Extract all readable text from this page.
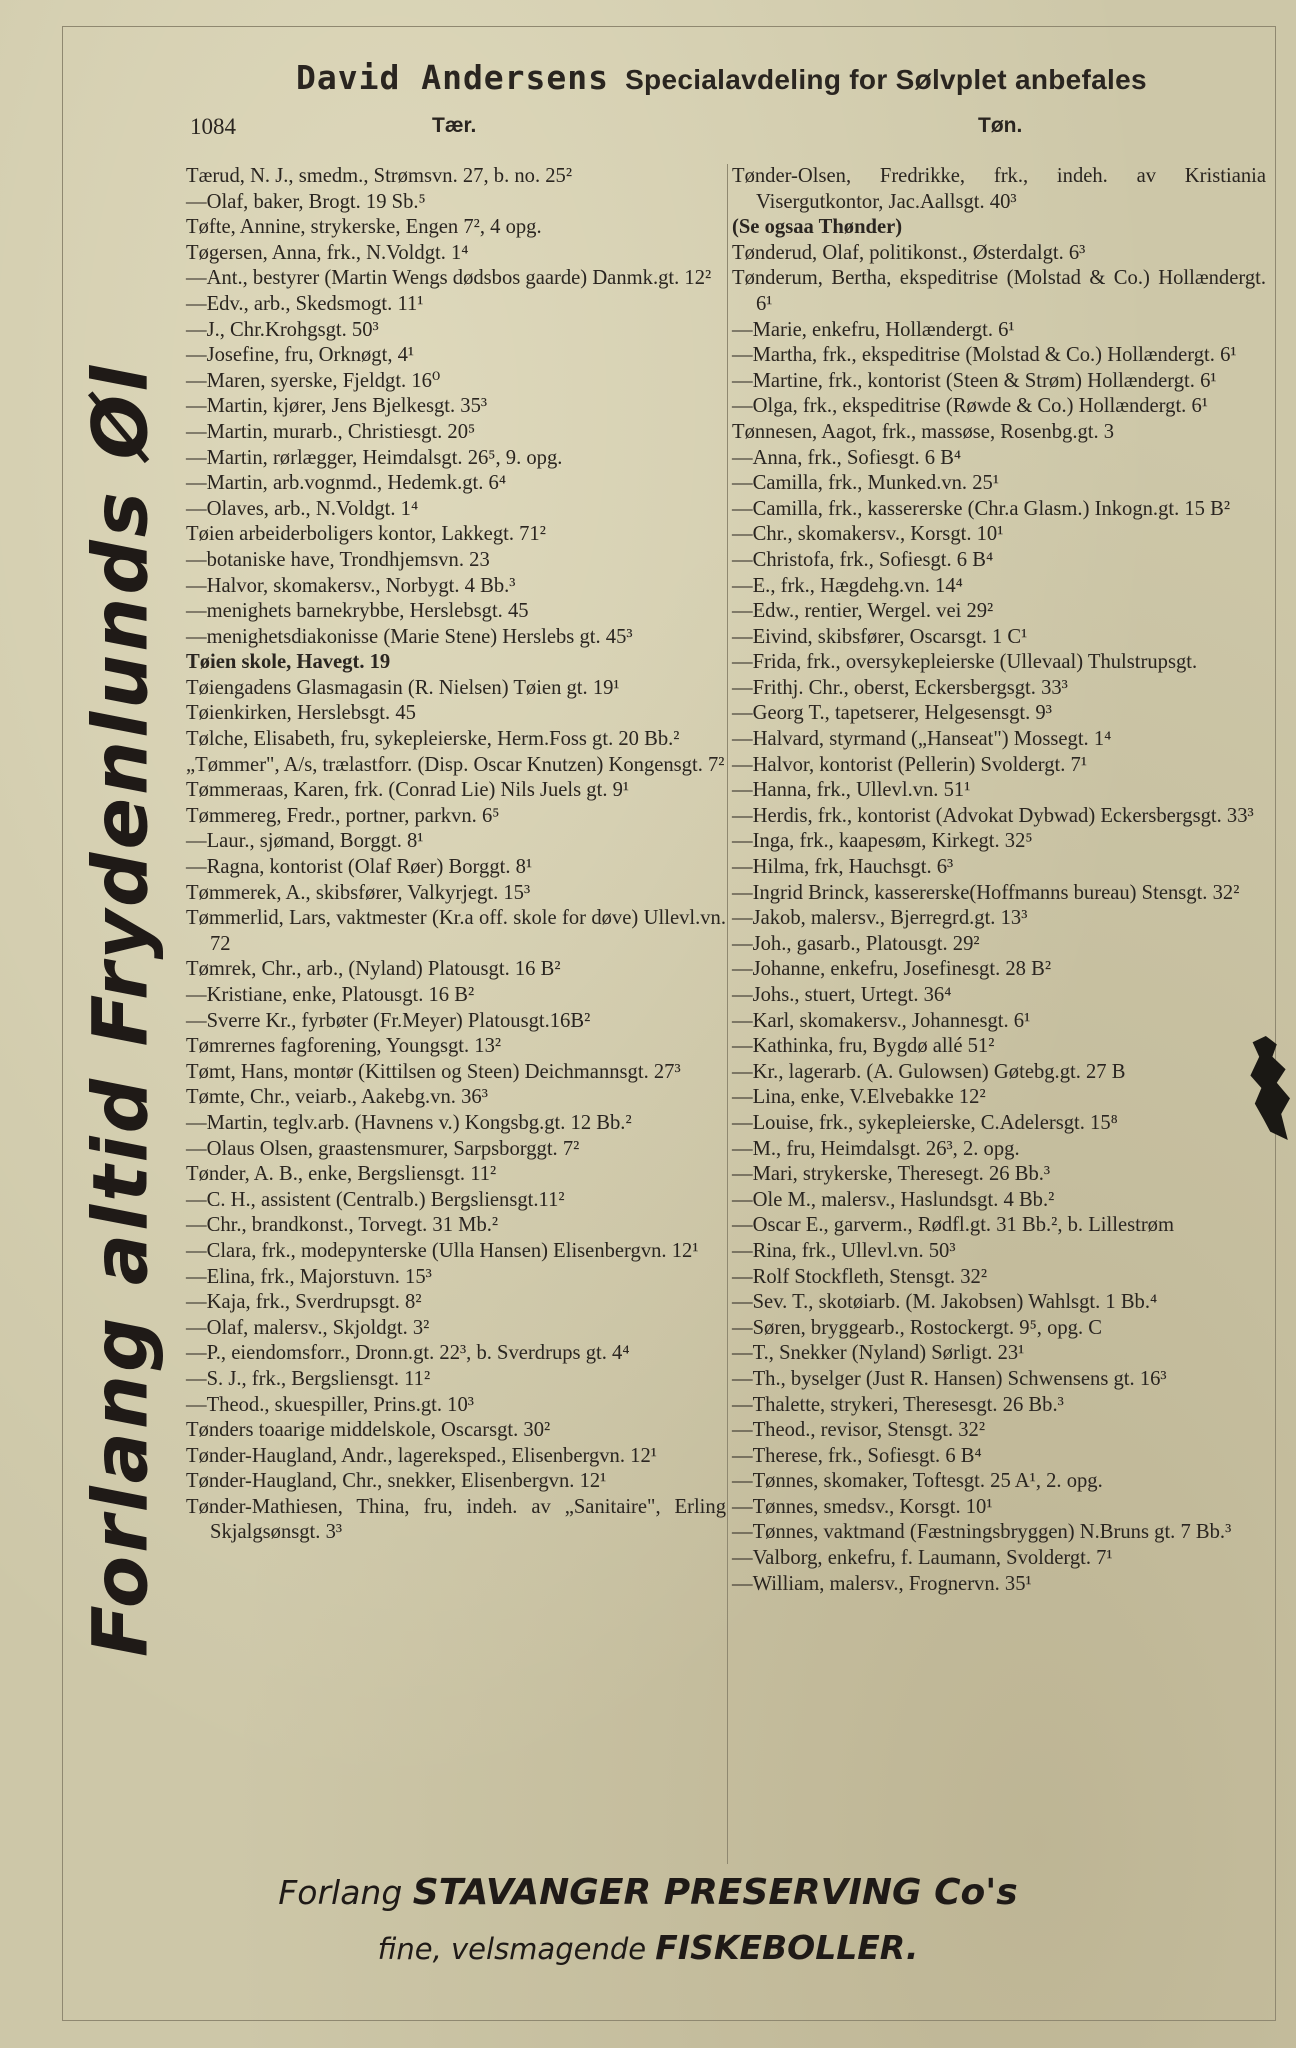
David Andersens Specialavdeling for Sølvplet anbefales
1084	Tær.	Tøn.
Forlang altid Frydenlunds Øl
Tærud, N. J., smedm., Strømsvn. 27, b. no. 25²
—Olaf, baker, Brogt. 19 Sb.⁵
Tøfte, Annine, strykerske, Engen 7², 4 opg.
Tøgersen, Anna, frk., N.Voldgt. 1⁴
—Ant., bestyrer (Martin Wengs dødsbos gaarde) Danmk.gt. 12²
—Edv., arb., Skedsmogt. 11¹
—J., Chr.Krohgsgt. 50³
—Josefine, fru, Orknøgt, 4¹
—Maren, syerske, Fjeldgt. 16⁰
—Martin, kjører, Jens Bjelkesgt. 35³
—Martin, murarb., Christiesgt. 20⁵
—Martin, rørlægger, Heimdalsgt. 26⁵, 9. opg.
—Martin, arb.vognmd., Hedemk.gt. 6⁴
—Olaves, arb., N.Voldgt. 1⁴
Tøien arbeiderboligers kontor, Lakkegt. 71²
—botaniske have, Trondhjemsvn. 23
—Halvor, skomakersv., Norbygt. 4 Bb.³
—menighets barnekrybbe, Herslebsgt. 45
—menighetsdiakonisse (Marie Stene) Herslebs gt. 45³
Tøien skole, Havegt. 19
Tøiengadens Glasmagasin (R. Nielsen) Tøien gt. 19¹
Tøienkirken, Herslebsgt. 45
Tølche, Elisabeth, fru, sykepleierske, Herm.Foss gt. 20 Bb.²
„Tømmer", A/s, trælastforr. (Disp. Oscar Knutzen) Kongensgt. 7²
Tømmeraas, Karen, frk. (Conrad Lie) Nils Juels gt. 9¹
Tømmereg, Fredr., portner, parkvn. 6⁵
—Laur., sjømand, Borggt. 8¹
—Ragna, kontorist (Olaf Røer) Borggt. 8¹
Tømmerek, A., skibsfører, Valkyrjegt. 15³
Tømmerlid, Lars, vaktmester (Kr.a off. skole for døve) Ullevl.vn. 72
Tømrek, Chr., arb., (Nyland) Platousgt. 16 B²
—Kristiane, enke, Platousgt. 16 B²
—Sverre Kr., fyrbøter (Fr.Meyer) Platousgt.16B²
Tømrernes fagforening, Youngsgt. 13²
Tømt, Hans, montør (Kittilsen og Steen) Deichmannsgt. 27³
Tømte, Chr., veiarb., Aakebg.vn. 36³
—Martin, teglv.arb. (Havnens v.) Kongsbg.gt. 12 Bb.²
—Olaus Olsen, graastensmurer, Sarpsborggt. 7²
Tønder, A. B., enke, Bergsliensgt. 11²
—C. H., assistent (Centralb.) Bergsliensgt.11²
—Chr., brandkonst., Torvegt. 31 Mb.²
—Clara, frk., modepynterske (Ulla Hansen) Elisenbergvn. 12¹
—Elina, frk., Majorstuvn. 15³
—Kaja, frk., Sverdrupsgt. 8²
—Olaf, malersv., Skjoldgt. 3²
—P., eiendomsforr., Dronn.gt. 22³, b. Sverdrups gt. 4⁴
—S. J., frk., Bergsliensgt. 11²
—Theod., skuespiller, Prins.gt. 10³
Tønders toaarige middelskole, Oscarsgt. 30²
Tønder-Haugland, Andr., lagereksped., Elisenbergvn. 12¹
Tønder-Haugland, Chr., snekker, Elisenbergvn. 12¹
Tønder-Mathiesen, Thina, fru, indeh. av „Sanitaire", Erling Skjalgsønsgt. 3³
Tønder-Olsen, Fredrikke, frk., indeh. av Kristiania Visergutkontor, Jac.Aallsgt. 40³
(Se ogsaa Thønder)
Tønderud, Olaf, politikonst., Østerdalgt. 6³
Tønderum, Bertha, ekspeditrise (Molstad & Co.) Hollændergt. 6¹
—Marie, enkefru, Hollændergt. 6¹
—Martha, frk., ekspeditrise (Molstad & Co.) Hollændergt. 6¹
—Martine, frk., kontorist (Steen & Strøm) Hollændergt. 6¹
—Olga, frk., ekspeditrise (Røwde & Co.) Hollændergt. 6¹
Tønnesen, Aagot, frk., massøse, Rosenbg.gt. 3
—Anna, frk., Sofiesgt. 6 B⁴
—Camilla, frk., Munked.vn. 25¹
—Camilla, frk., kassererske (Chr.a Glasm.) Inkogn.gt. 15 B²
—Chr., skomakersv., Korsgt. 10¹
—Christofa, frk., Sofiesgt. 6 B⁴
—E., frk., Hægdehg.vn. 14⁴
—Edw., rentier, Wergel. vei 29²
—Eivind, skibsfører, Oscarsgt. 1 C¹
—Frida, frk., oversykepleierske (Ullevaal) Thulstrupsgt.
—Frithj. Chr., oberst, Eckersbergsgt. 33³
—Georg T., tapetserer, Helgesensgt. 9³
—Halvard, styrmand („Hanseat") Mossegt. 1⁴
—Halvor, kontorist (Pellerin) Svoldergt. 7¹
—Hanna, frk., Ullevl.vn. 51¹
—Herdis, frk., kontorist (Advokat Dybwad) Eckersbergsgt. 33³
—Inga, frk., kaapesøm, Kirkegt. 32⁵
—Hilma, frk, Hauchsgt. 6³
—Ingrid Brinck, kassererske(Hoffmanns bureau) Stensgt. 32²
—Jakob, malersv., Bjerregrd.gt. 13³
—Joh., gasarb., Platousgt. 29²
—Johanne, enkefru, Josefinesgt. 28 B²
—Johs., stuert, Urtegt. 36⁴
—Karl, skomakersv., Johannesgt. 6¹
—Kathinka, fru, Bygdø allé 51²
—Kr., lagerarb. (A. Gulowsen) Gøtebg.gt. 27 B
—Lina, enke, V.Elvebakke 12²
—Louise, frk., sykepleierske, C.Adelersgt. 15⁸
—M., fru, Heimdalsgt. 26³, 2. opg.
—Mari, strykerske, Theresegt. 26 Bb.³
—Ole M., malersv., Haslundsgt. 4 Bb.²
—Oscar E., garverm., Rødfl.gt. 31 Bb.², b. Lillestrøm
—Rina, frk., Ullevl.vn. 50³
—Rolf Stockfleth, Stensgt. 32²
—Sev. T., skotøiarb. (M. Jakobsen) Wahlsgt. 1 Bb.⁴
—Søren, bryggearb., Rostockergt. 9⁵, opg. C
—T., Snekker (Nyland) Sørligt. 23¹
—Th., byselger (Just R. Hansen) Schwensens gt. 16³
—Thalette, strykeri, Theresesgt. 26 Bb.³
—Theod., revisor, Stensgt. 32²
—Therese, frk., Sofiesgt. 6 B⁴
—Tønnes, skomaker, Toftesgt. 25 A¹, 2. opg.
—Tønnes, smedsv., Korsgt. 10¹
—Tønnes, vaktmand (Fæstningsbryggen) N.Bruns gt. 7 Bb.³
—Valborg, enkefru, f. Laumann, Svoldergt. 7¹
—William, malersv., Frognervn. 35¹
Forlang STAVANGER PRESERVING Co's
fine, velsmagende FISKEBOLLER.
